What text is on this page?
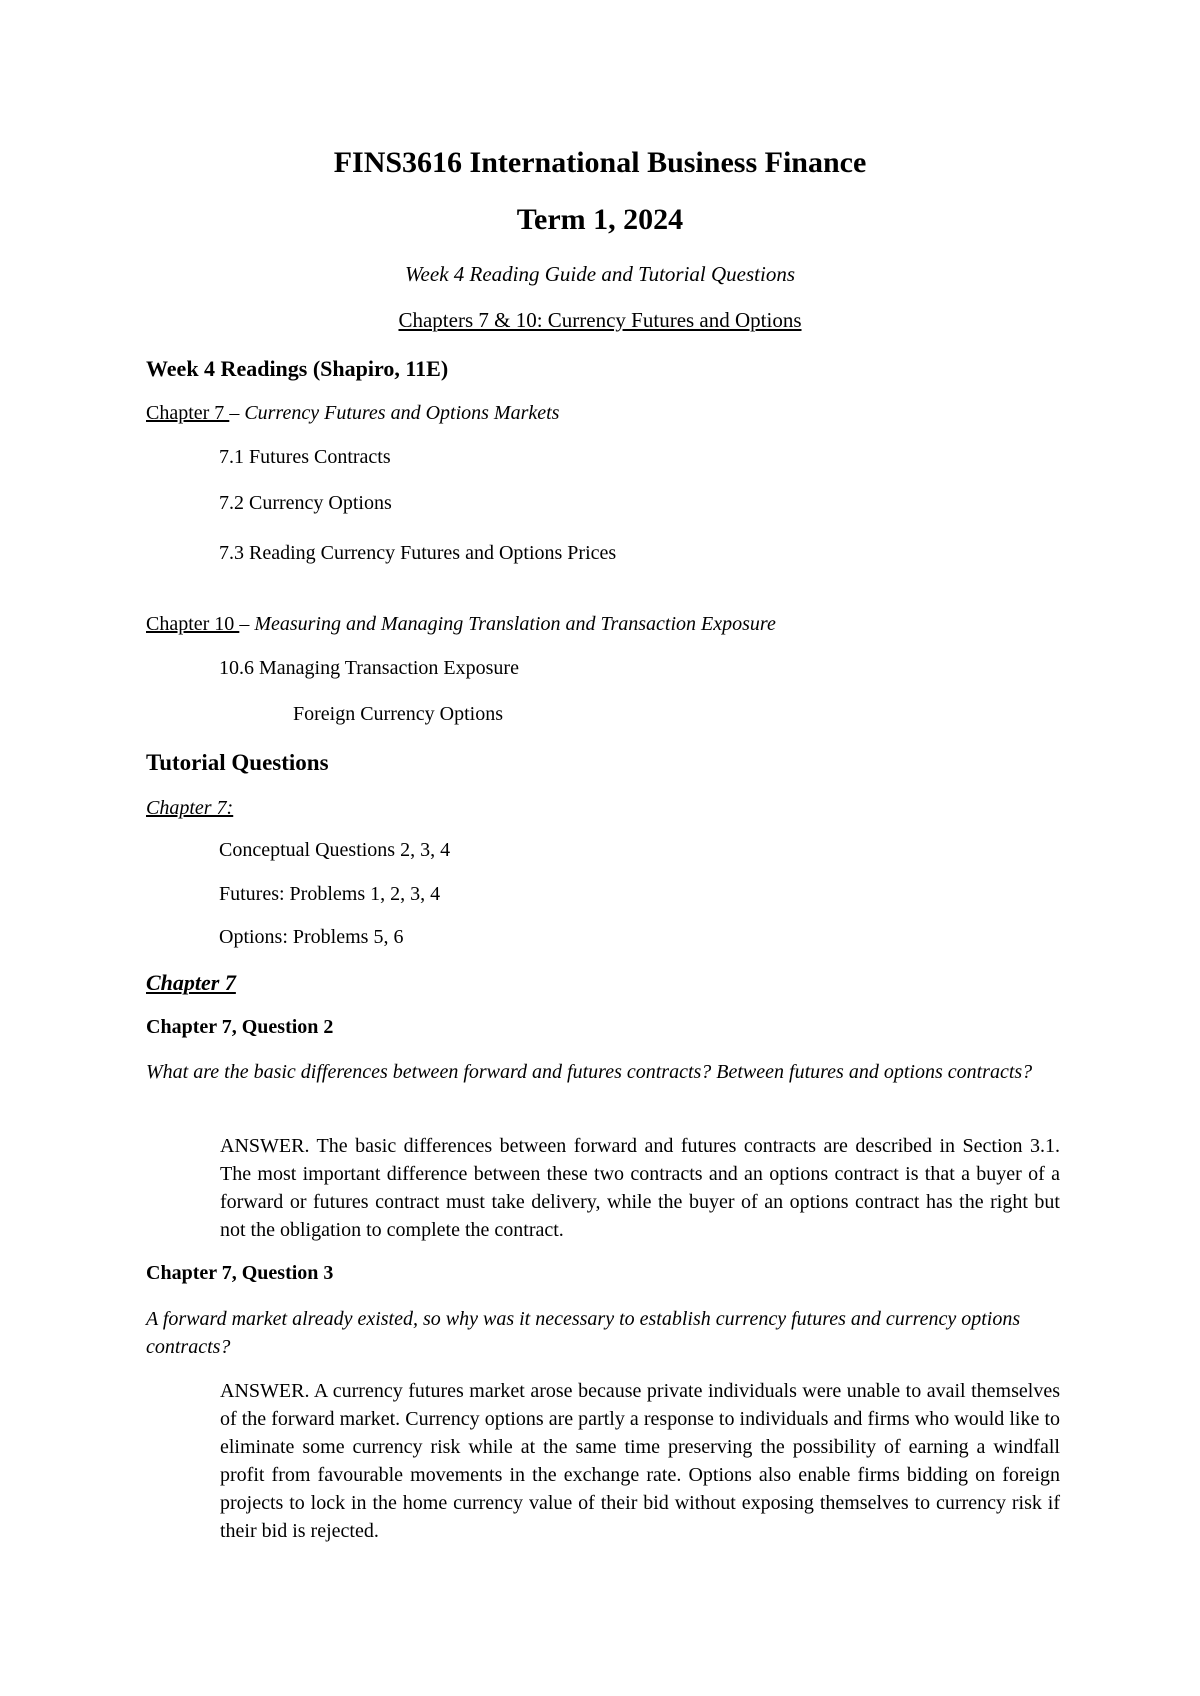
FINS3616 International Business Finance
Term 1, 2024
Week 4 Reading Guide and Tutorial Questions
Chapters 7 & 10: Currency Futures and Options
Week 4 Readings (Shapiro, 11E)
Chapter 7 – Currency Futures and Options Markets
7.1 Futures Contracts
7.2 Currency Options
7.3 Reading Currency Futures and Options Prices
Chapter 10 – Measuring and Managing Translation and Transaction Exposure
10.6 Managing Transaction Exposure
Foreign Currency Options
Tutorial Questions
Chapter 7:
Conceptual Questions 2, 3, 4
Futures: Problems 1, 2, 3, 4
Options: Problems 5, 6
Chapter 7
Chapter 7, Question 2
What are the basic differences between forward and futures contracts? Between futures and options contracts?
ANSWER. The basic differences between forward and futures contracts are described in Section 3.1. The most important difference between these two contracts and an options contract is that a buyer of a forward or futures contract must take delivery, while the buyer of an options contract has the right but not the obligation to complete the contract.
Chapter 7, Question 3
A forward market already existed, so why was it necessary to establish currency futures and currency options contracts?
ANSWER. A currency futures market arose because private individuals were unable to avail themselves of the forward market. Currency options are partly a response to individuals and firms who would like to eliminate some currency risk while at the same time preserving the possibility of earning a windfall profit from favourable movements in the exchange rate. Options also enable firms bidding on foreign projects to lock in the home currency value of their bid without exposing themselves to currency risk if their bid is rejected.
